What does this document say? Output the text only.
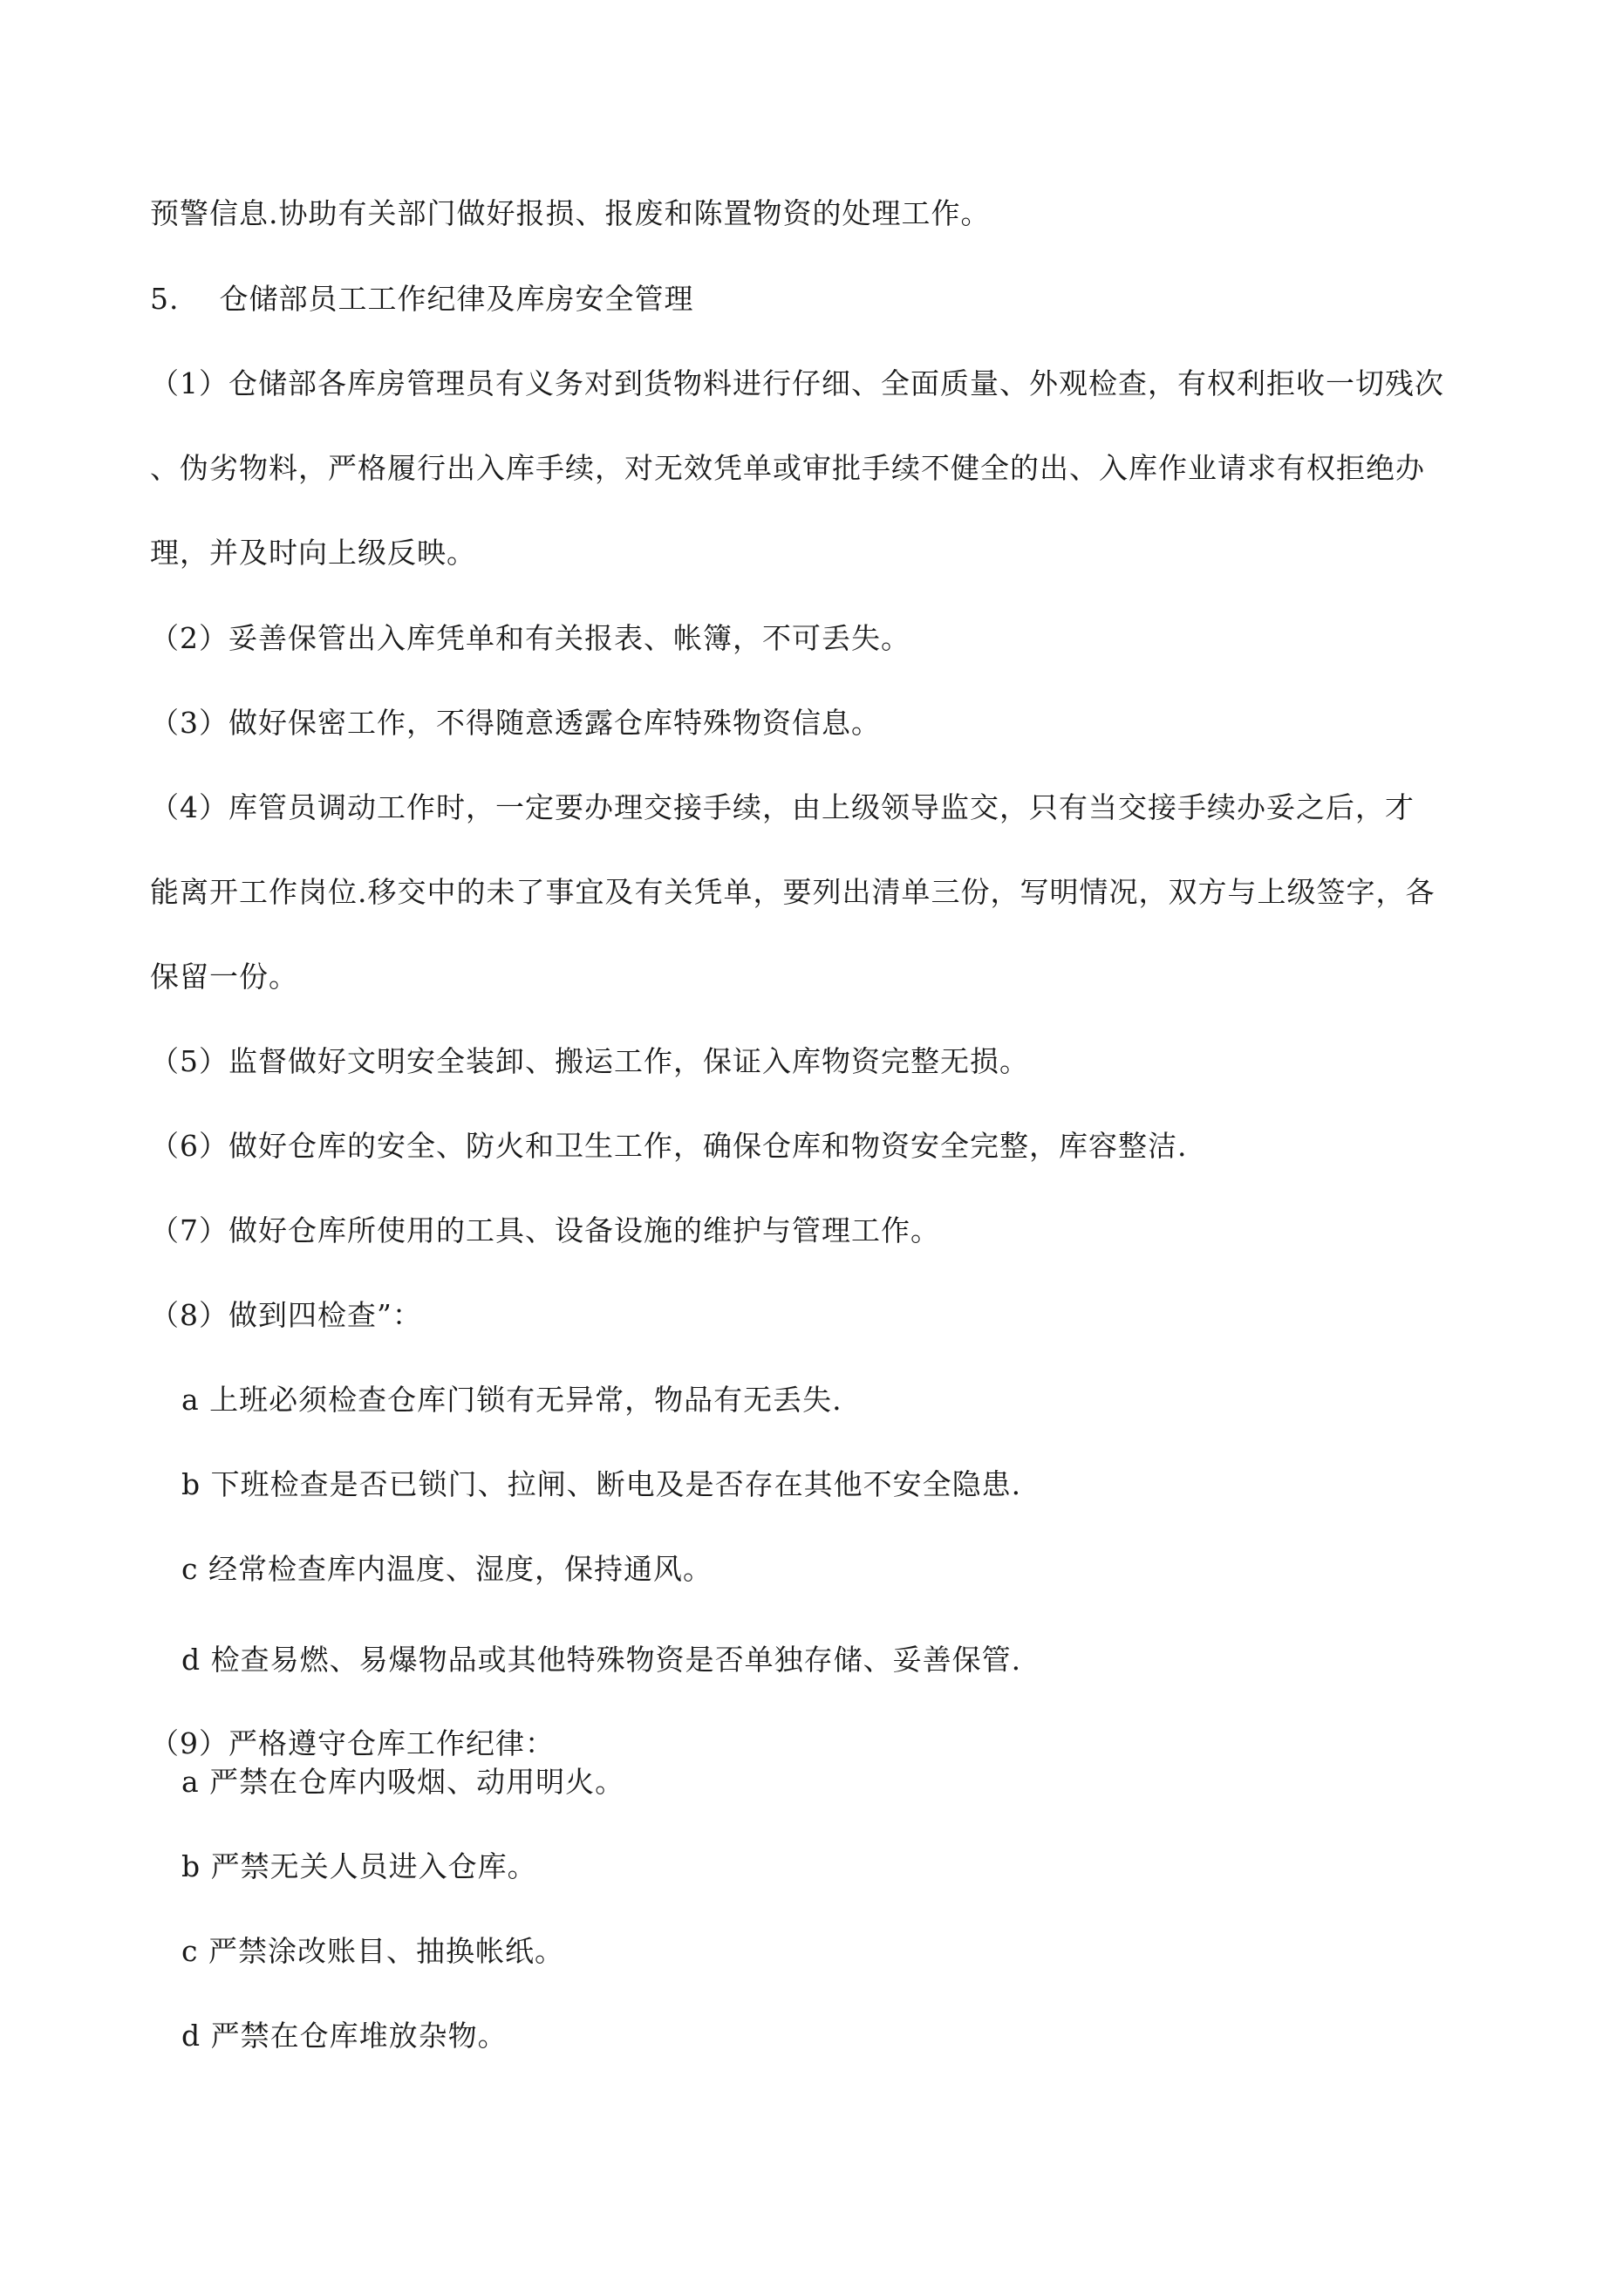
预警信息.协助有关部门做好报损、报废和陈置物资的处理工作。
5.    仓储部员工工作纪律及库房安全管理
（1）仓储部各库房管理员有义务对到货物料进行仔细、全面质量、外观检查，有权利拒收一切残次
、伪劣物料，严格履行出入库手续，对无效凭单或审批手续不健全的出、入库作业请求有权拒绝办
理，并及时向上级反映。
（2）妥善保管出入库凭单和有关报表、帐簿，不可丢失。
（3）做好保密工作，不得随意透露仓库特殊物资信息。
（4）库管员调动工作时，一定要办理交接手续，由上级领导监交，只有当交接手续办妥之后，才
能离开工作岗位.移交中的未了事宜及有关凭单，要列出清单三份，写明情况，双方与上级签字，各
保留一份。
（5）监督做好文明安全装卸、搬运工作，保证入库物资完整无损。
（6）做好仓库的安全、防火和卫生工作，确保仓库和物资安全完整，库容整洁.
（7）做好仓库所使用的工具、设备设施的维护与管理工作。
（8）做到四检查”：
a 上班必须检查仓库门锁有无异常，物品有无丢失.
b 下班检查是否已锁门、拉闸、断电及是否存在其他不安全隐患.
c 经常检查库内温度、湿度，保持通风。
d 检查易燃、易爆物品或其他特殊物资是否单独存储、妥善保管.
（9）严格遵守仓库工作纪律：
a 严禁在仓库内吸烟、动用明火。
b 严禁无关人员进入仓库。
c 严禁涂改账目、抽换帐纸。
d 严禁在仓库堆放杂物。
